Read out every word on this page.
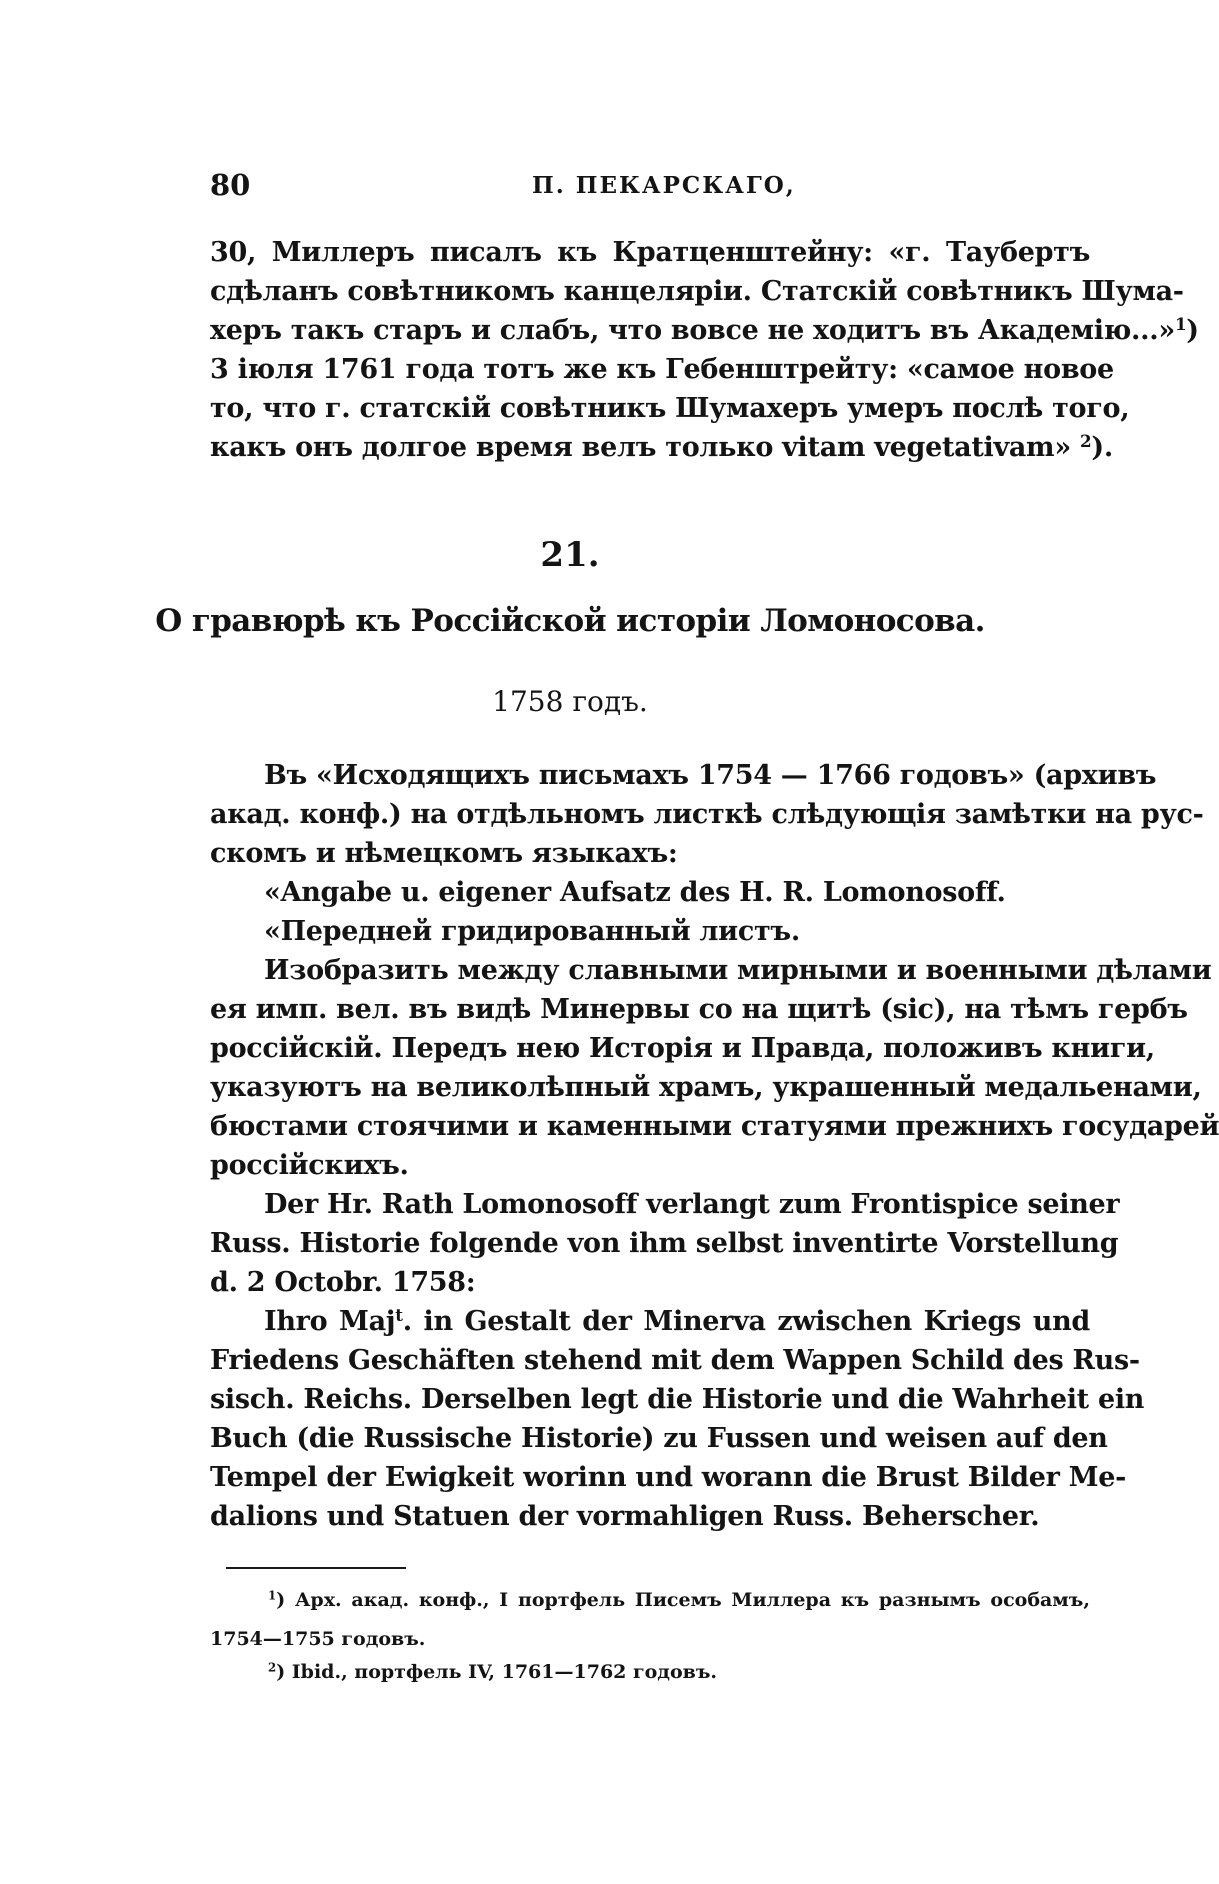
80	П. ПЕКАРСКАГО,
30, Миллеръ писалъ къ Кратценштейну: «г. Таубертъ
сдѣланъ совѣтникомъ канцеляріи. Статскій совѣтникъ Шума-
херъ такъ старъ и слабъ, что вовсе не ходитъ въ Академію...»$^1$)
3 іюля 1761 года тотъ же къ Гебенштрейту: «самое новое
то, что г. статскій совѣтникъ Шумахеръ умеръ послѣ того,
какъ онъ долгое время велъ только vitam vegetativam» $^2$).
21.
О гравюрѣ къ Россійской исторіи Ломоносова.
1758 годъ.
Въ «Исходящихъ письмахъ 1754 — 1766 годовъ» (архивъ
акад. конф.) на отдѣльномъ листкѣ слѣдующія замѣтки на рус-
скомъ и нѣмецкомъ языкахъ:
«Angabe u. eigener Aufsatz des H. R. Lomonosoff.
«Передней гридированный листъ.
Изобразить между славными мирными и военными дѣлами
ея имп. вел. въ видѣ Минервы со на щитѣ (sic), на тѣмъ гербъ
россійскій. Передъ нею Исторія и Правда, положивъ книги,
указуютъ на великолѣпный храмъ, украшенный медальенами,
бюстами стоячими и каменными статуями прежнихъ государей
россійскихъ.
Der Hr. Rath Lomonosoff verlangt zum Frontispice seiner
Russ. Historie folgende von ihm selbst inventirte Vorstellung
d. 2 Octobr. 1758:
Ihro Maj$^t$. in Gestalt der Minerva zwischen Kriegs und
Friedens Geschäften stehend mit dem Wappen Schild des Rus-
sisch. Reichs. Derselben legt die Historie und die Wahrheit ein
Buch (die Russische Historie) zu Fussen und weisen auf den
Tempel der Ewigkeit worinn und worann die Brust Bilder Me-
dalions und Statuen der vormahligen Russ. Beherscher.
$^1$) Арх. акад. конф., I портфель Писемъ Миллера къ разнымъ особамъ,
1754—1755 годовъ.
$^2$) Ibid., портфель IV, 1761—1762 годовъ.
